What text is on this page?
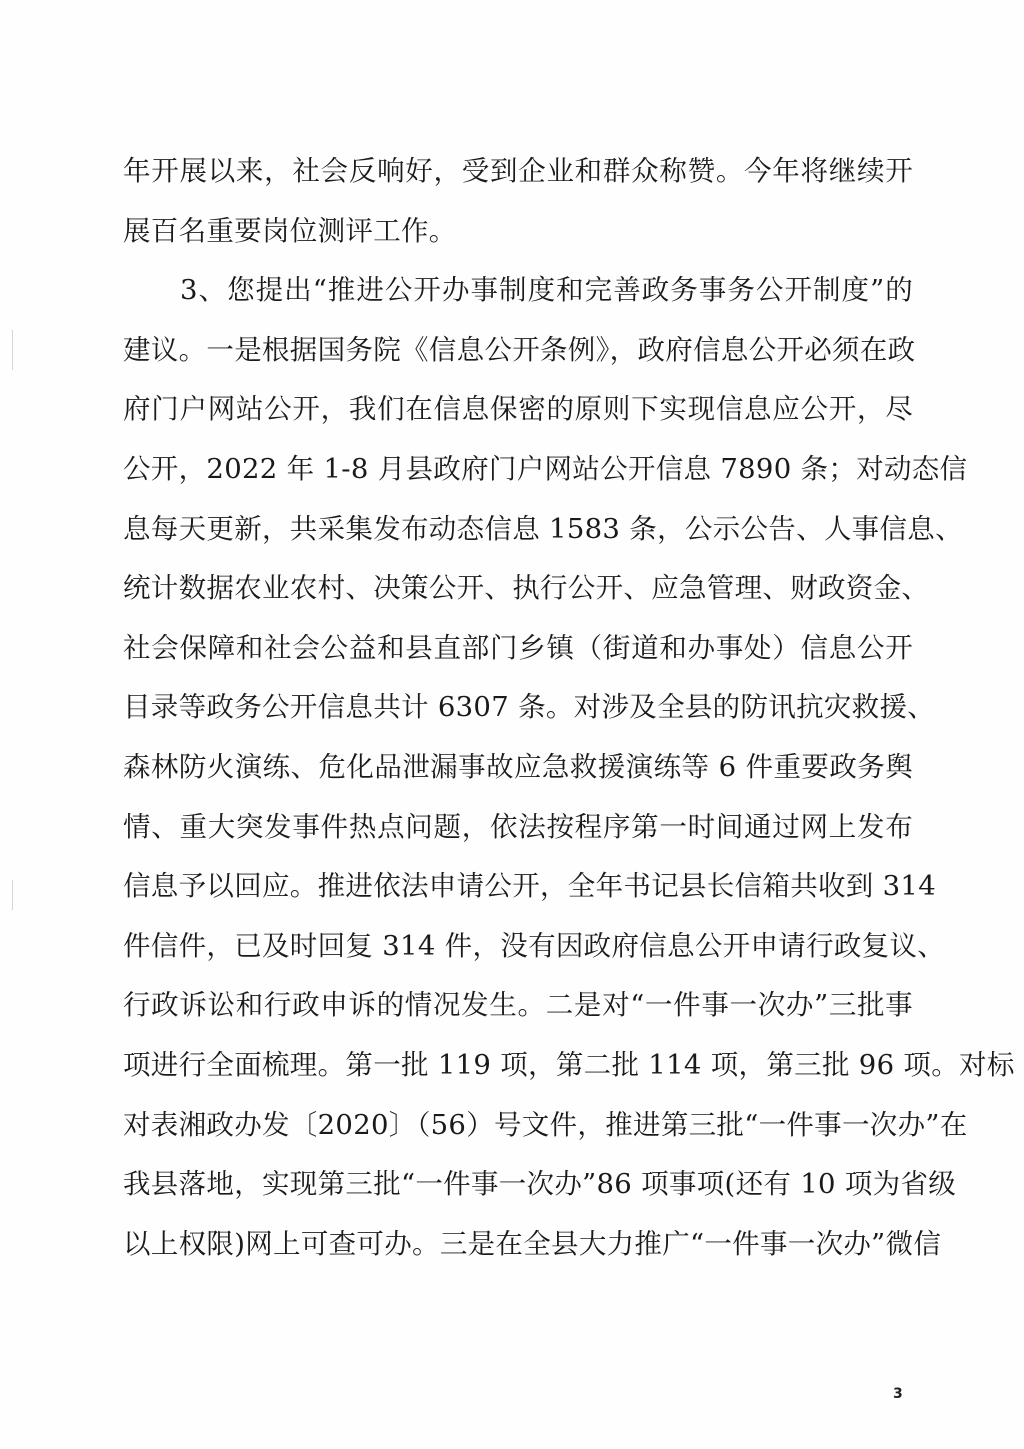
年开展以来，社会反响好，受到企业和群众称赞。今年将继续开
展百名重要岗位测评工作。
3、您提出“推进公开办事制度和完善政务事务公开制度”的
建议。一是根据国务院《信息公开条例》，政府信息公开必须在政
府门户网站公开，我们在信息保密的原则下实现信息应公开，尽
公开，2022 年 1-8 月县政府门户网站公开信息 7890 条；对动态信
息每天更新，共采集发布动态信息 1583 条，公示公告、人事信息、
统计数据农业农村、决策公开、执行公开、应急管理、财政资金、
社会保障和社会公益和县直部门乡镇（街道和办事处）信息公开
目录等政务公开信息共计 6307 条。对涉及全县的防讯抗灾救援、
森林防火演练、危化品泄漏事故应急救援演练等 6 件重要政务舆
情、重大突发事件热点问题，依法按程序第一时间通过网上发布
信息予以回应。推进依法申请公开，全年书记县长信箱共收到 314
件信件，已及时回复 314 件，没有因政府信息公开申请行政复议、
行政诉讼和行政申诉的情况发生。二是对“一件事一次办”三批事
项进行全面梳理。第一批 119 项，第二批 114 项，第三批 96 项。对标
对表湘政办发〔2020〕（56）号文件，推进第三批“一件事一次办”在
我县落地，实现第三批“一件事一次办”86 项事项(还有 10 项为省级
以上权限)网上可查可办。三是在全县大力推广“一件事一次办”微信
3
